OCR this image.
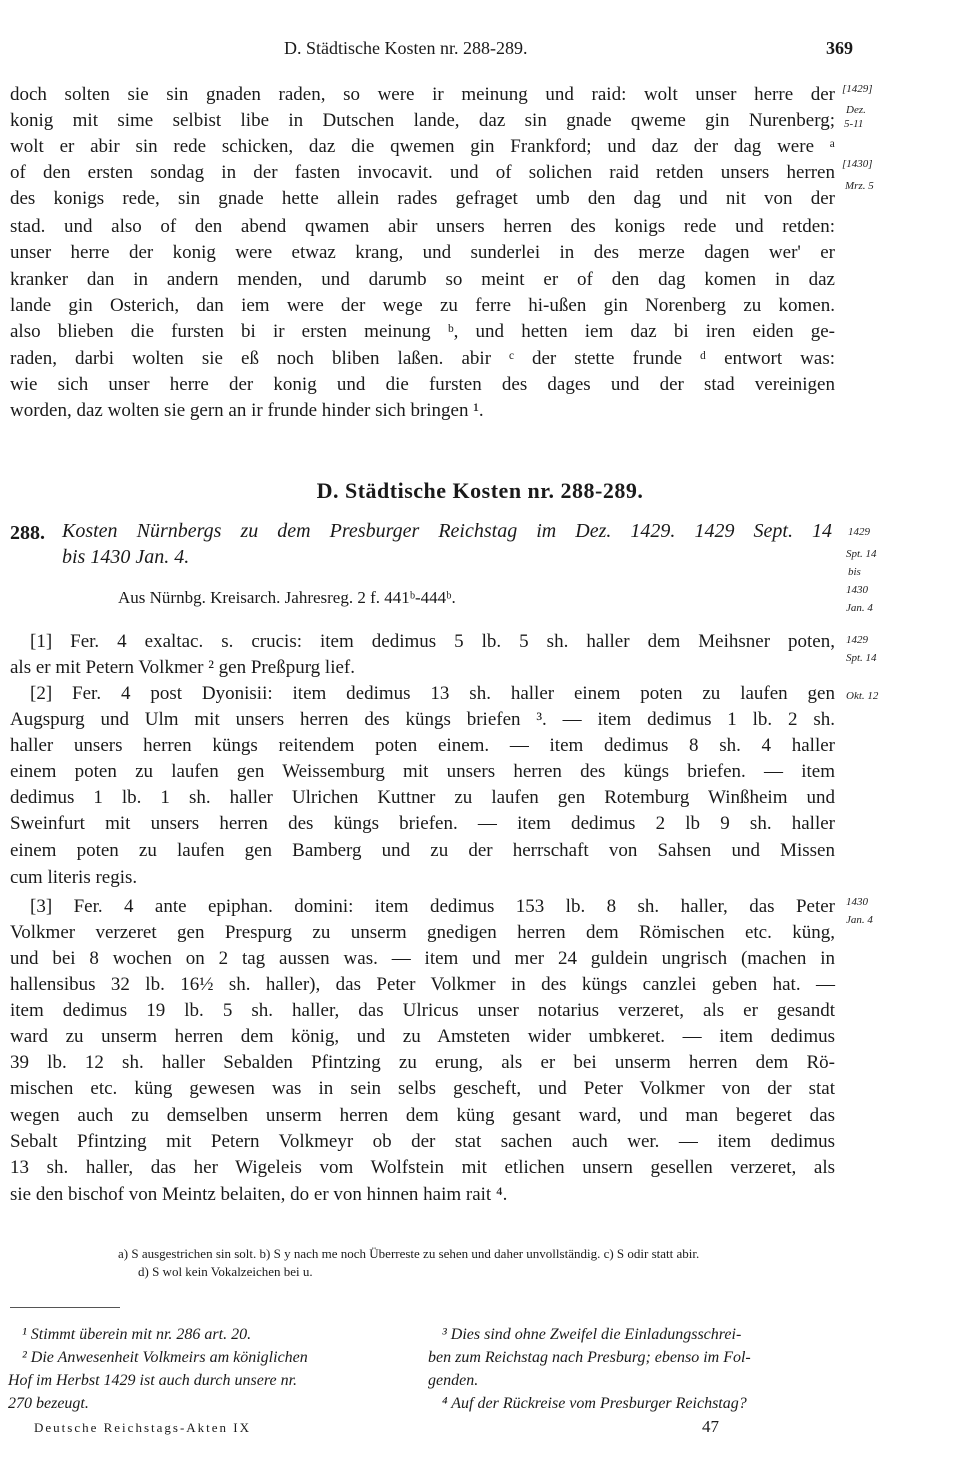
D. Städtische Kosten nr. 288-289.	369
[1429]
Dez.
5-11
[1430]
Mrz. 5
doch solten sie sin gnaden raden, so were ir meinung und raid: wolt unser herre der
konig mit sime selbist libe in Dutschen lande, daz sin gnade qweme gin Nurenberg;
wolt er abir sin rede schicken, daz die qwemen gin Frankford; und daz der dag were ᵃ
of den ersten sondag in der fasten invocavit. und of solichen raid retden unsers herren
des konigs rede, sin gnade hette allein rades gefraget umb den dag und nit von der
stad. und also of den abend qwamen abir unsers herren des konigs rede und retden:
unser herre der konig were etwaz krang, und sunderlei in des merze dagen wer' er
kranker dan in andern menden, und darumb so meint er of den dag komen in daz
lande gin Osterich, dan iem were der wege zu ferre hi-ußen gin Norenberg zu komen.
also blieben die fursten bi ir ersten meinung ᵇ, und hetten iem daz bi iren eiden ge-
raden, darbi wolten sie eß noch bliben laßen. abir ᶜ der stette frunde ᵈ entwort was:
wie sich unser herre der konig und die fursten des dages und der stad vereinigen
worden, daz wolten sie gern an ir frunde hinder sich bringen ¹.
D. Städtische Kosten nr. 288-289.
288. Kosten Nürnbergs zu dem Presburger Reichstag im Dez. 1429. 1429 Sept. 14
bis 1430 Jan. 4.
Aus Nürnbg. Kreisarch. Jahresreg. 2 f. 441ᵇ-444ᵇ.
1429
Spt. 14
bis
1430
Jan. 4
[1] Fer. 4 exaltac. s. crucis: item dedimus 5 lb. 5 sh. haller dem Meihsner poten,
als er mit Petern Volkmer ² gen Preßpurg lief.
1429
Spt. 14
[2] Fer. 4 post Dyonisii: item dedimus 13 sh. haller einem poten zu laufen gen
Augspurg und Ulm mit unsers herren des küngs briefen ³. — item dedimus 1 lb. 2 sh.
haller unsers herren küngs reitendem poten einem. — item dedimus 8 sh. 4 haller
einem poten zu laufen gen Weissemburg mit unsers herren des küngs briefen. — item
dedimus 1 lb. 1 sh. haller Ulrichen Kuttner zu laufen gen Rotemburg Winßheim und
Sweinfurt mit unsers herren des küngs briefen. — item dedimus 2 lb 9 sh. haller
einem poten zu laufen gen Bamberg und zu der herrschaft von Sahsen und Missen
cum literis regis.
Okt. 12
[3] Fer. 4 ante epiphan. domini: item dedimus 153 lb. 8 sh. haller, das Peter
Volkmer verzeret gen Prespurg zu unserm gnedigen herren dem Römischen etc. küng,
und bei 8 wochen on 2 tag aussen was. — item und mer 24 guldein ungrisch (machen in
hallensibus 32 lb. 16½ sh. haller), das Peter Volkmer in des küngs canzlei geben hat. —
item dedimus 19 lb. 5 sh. haller, das Ulricus unser notarius verzeret, als er gesandt
ward zu unserm herren dem könig, und zu Amsteten wider umbkeret. — item dedimus
39 lb. 12 sh. haller Sebalden Pfintzing zu erung, als er bei unserm herren dem Rö-
mischen etc. küng gewesen was in sein selbs gescheft, und Peter Volkmer von der stat
wegen auch zu demselben unserm herren dem küng gesant ward, und man begeret das
Sebalt Pfintzing mit Petern Volkmeyr ob der stat sachen auch wer. — item dedimus
13 sh. haller, das her Wigeleis vom Wolfstein mit etlichen unsern gesellen verzeret, als
sie den bischof von Meintz belaiten, do er von hinnen haim rait ⁴.
1430
Jan. 4
a) S ausgestrichen sin solt. b) S y nach me noch Überreste zu sehen und daher unvollständig. c) S odir statt abir.
d) S wol kein Vokalzeichen bei u.
¹ Stimmt überein mit nr. 286 art. 20.
² Die Anwesenheit Volkmeirs am königlichen
Hof im Herbst 1429 ist auch durch unsere nr.
270 bezeugt.
³ Dies sind ohne Zweifel die Einladungsschrei-
ben zum Reichstag nach Presburg; ebenso im Fol-
genden.
⁴ Auf der Rückreise vom Presburger Reichstag?
Deutsche Reichstags-Akten IX	47
